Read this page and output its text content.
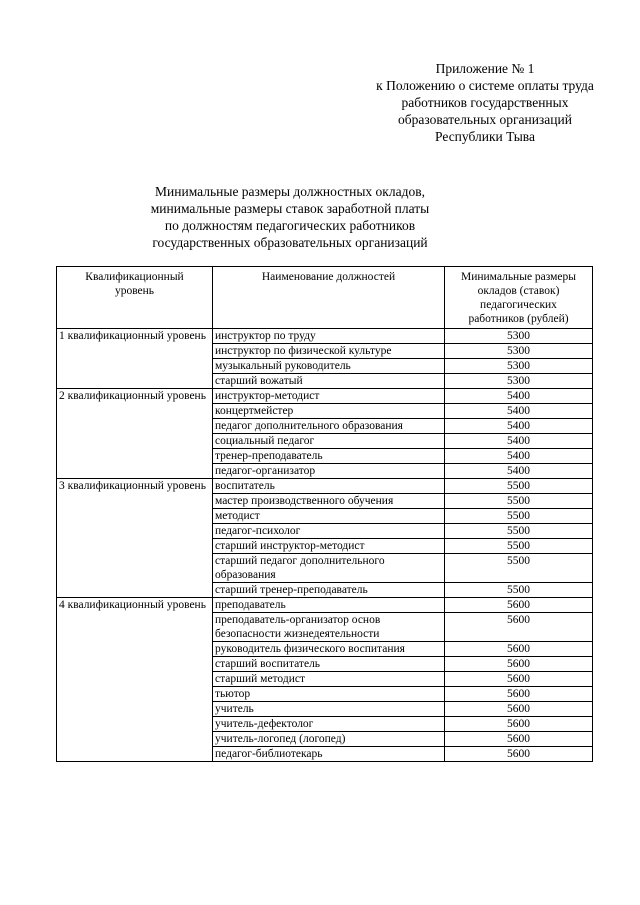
Приложение № 1
к Положению о системе оплаты труда
работников государственных
образовательных организаций
Республики Тыва
Минимальные размеры должностных окладов,
минимальные размеры ставок заработной платы
по должностям педагогических работников
государственных образовательных организаций
Квалификационный уровень	Наименование должностей	Минимальные размеры окладов (ставок) педагогических работников (рублей)
1 квалификационный уровень	инструктор по труду	5300
	инструктор по физической культуре	5300
	музыкальный руководитель	5300
	старший вожатый	5300
2 квалификационный уровень	инструктор-методист	5400
	концертмейстер	5400
	педагог дополнительного образования	5400
	социальный педагог	5400
	тренер-преподаватель	5400
	педагог-организатор	5400
3 квалификационный уровень	воспитатель	5500
	мастер производственного обучения	5500
	методист	5500
	педагог-психолог	5500
	старший инструктор-методист	5500
	старший педагог дополнительного
образования	5500
	старший тренер-преподаватель	5500
4 квалификационный уровень	преподаватель	5600
	преподаватель-организатор основ
безопасности жизнедеятельности	5600
	руководитель физического воспитания	5600
	старший воспитатель	5600
	старший методист	5600
	тьютор	5600
	учитель	5600
	учитель-дефектолог	5600
	учитель-логопед (логопед)	5600
	педагог-библиотекарь	5600
